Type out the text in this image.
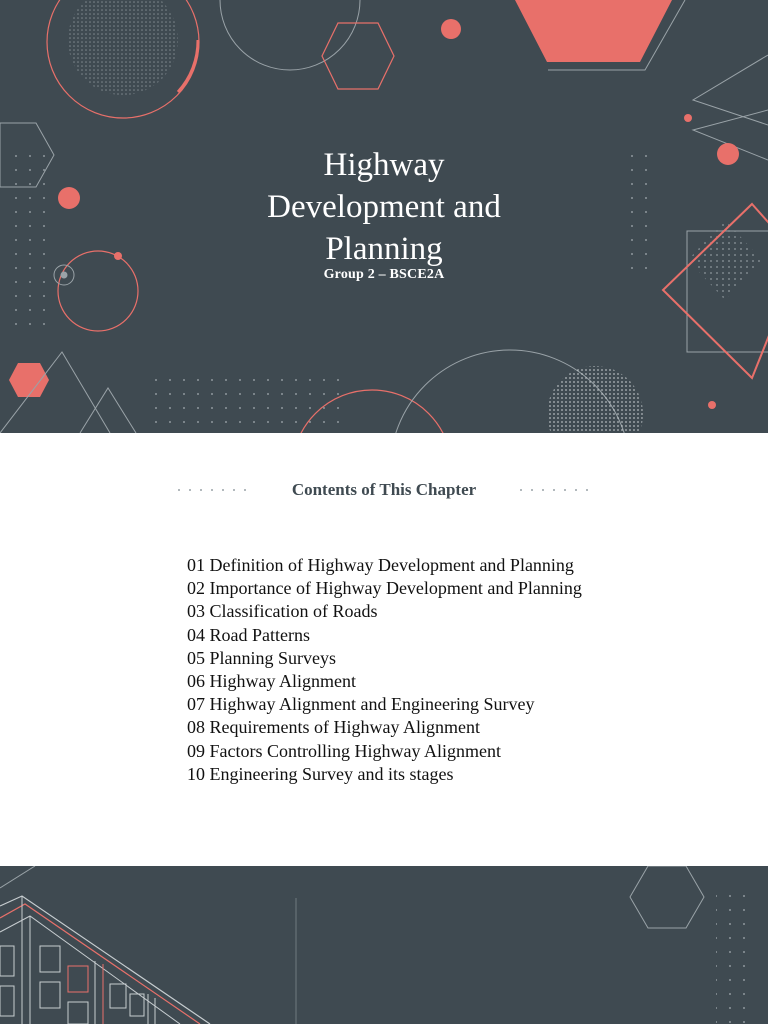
Highway
Development and
Planning
Group 2 – BSCE2A
Contents of This Chapter
01 Definition of Highway Development and Planning
02 Importance of Highway Development and Planning
03 Classification of Roads
04 Road Patterns
05 Planning Surveys
06 Highway Alignment
07 Highway Alignment and Engineering Survey
08 Requirements of Highway Alignment
09 Factors Controlling Highway Alignment
10 Engineering Survey and its stages
